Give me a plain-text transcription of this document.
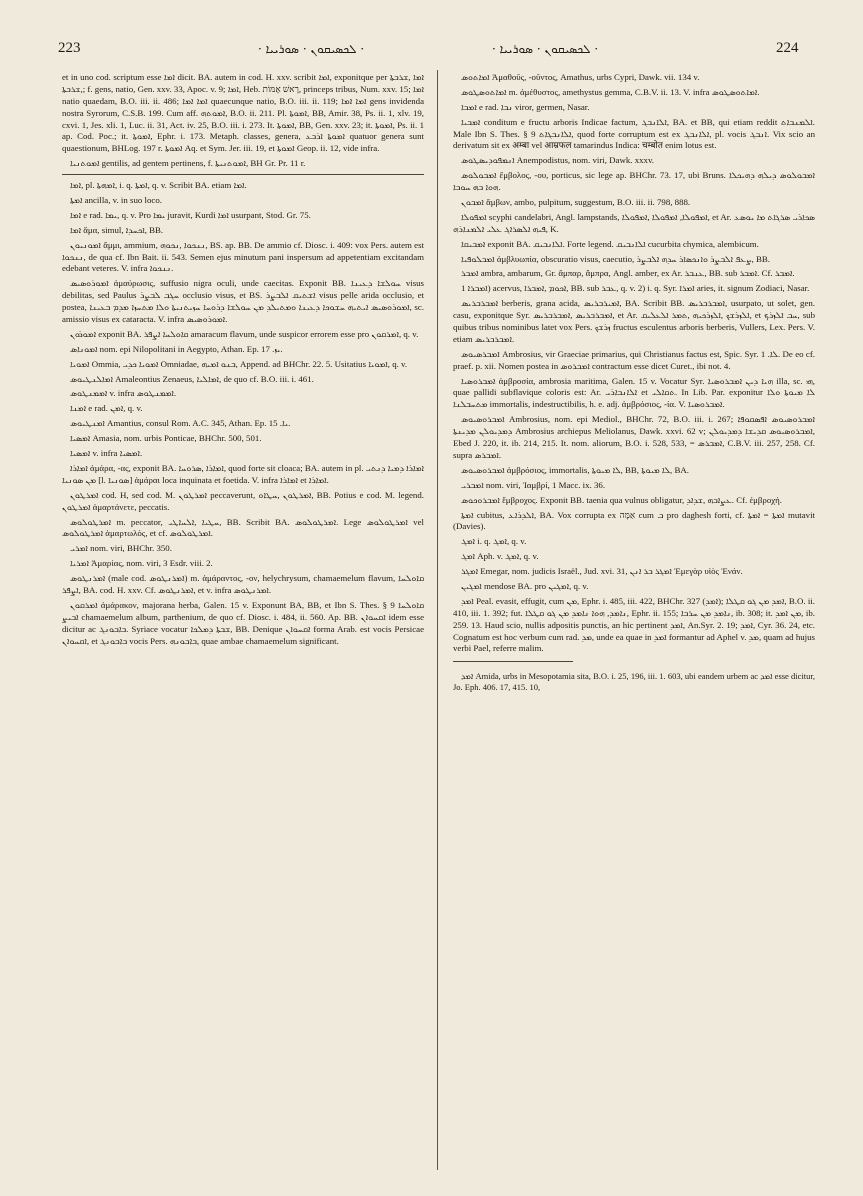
223	· ܠܟܣܝܩܘܢ · ܣܘܪܝܝܐ ·	· ܠܟܣܝܩܘܢ · ܣܘܪܝܝܐ ·	224

et in uno cod. scriptum esse ܐܡܐ dicit. BA. autem in cod. H. xxv. scribit ܐܡܐ, exponitque per ܐܡܐ ,ܫܪܒܬܐ ,ܫܪܒܬܐ; f. gens, natio, Gen. xxv. 33, Apoc. v. 9; ܐܡܐ, Heb. רָאשׁ אָמּוֹת, princeps tribus, Num. xxv. 15; ܐܡܐ natio quaedam, B.O. iii. ii. 486; ܐܡܐ ܐܡܐ quaecunque natio, B.O. iii. ii. 119; ܐܡܐ ܐܡܐ gens invidenda nostra Syrorum, C.S.B. 199. Cum aff. ܐܡܘܬܗ, B.O. ii. 211. Pl. ܐܡܘܬܐ, BB, Amir. 38, Ps. ii. 1, xlv. 19, cxvi. 1, Jes. xli. 1, Luc. ii. 31, Act. iv. 25, B.O. iii. i. 273. It. ܐܡܘܬܐ, BB, Gen. xxv. 23; it. ܐܡܘܬܐ, Ps. ii. 1 ap. Cod. Poc.; it. ܐܡܘܬܐ, Ephr. i. 173. Metaph. classes, genera, ܐܡܘܬܐ ܐܪܒܥ quatuor genera sunt quaestionum, BHLog. 197 r. ܐܡܘܬܐ Aq. et Sym. Jer. iii. 19, et ܐܡܘܬܐ Geop. ii. 12, vide infra.

ܐܡܘܬܢܝܐ gentilis, ad gentem pertinens, f. ܐܡܘܬܢܝܬܐ, BH Gr. Pr. 11 r.

ܐܡܐ, pl. ܐܡܗܬܐ, i. q. ܐܡܬܐ, q. v. Scribit BA. etiam ܐܡܐ.

ܐܡܬܐ ancilla, v. in suo loco.

ܐܡܐ e rad. ܝܡܐ, q. v. Pro ܝܡܐ juravit, Kurdi ܐܡܐ usurpant, Stod. Gr. 75.

ܐܡܐ ἅμα, simul, ܐܟܚܕܐ, BB.

ܐܡܘܢܝܘܢ ἄμμι, ammium, ܢܢܟܘܐ ,ܢܟܘܗ, BS. ap. BB. De ammio cf. Diosc. i. 409: vox Pers. autem est ܢܢܟܘܐ, de qua cf. Ibn Bait. ii. 543. Semen ejus minutum pani inspersum ad appetentiam excitandam edebant veteres. V. infra ܢܢܟܘܐ.

ܐܡܘܪܘܣܝܣ ἀμαύρωσις, suffusio nigra oculi, unde caecitas. Exponit BB. ܚܘܠܫܐ ܕܥܝܢܐ visus debilitas, sed Paulus ܚܓܒ ܠܒܨܪ occlusio visus, et BS. ܐܫܬܝܩ ܐܠܒܨܪ visus pelle arida occlusio, et postea, ܐܡܘܪܘܣܝܣ ܐܝܬܝܗ ܚܫܘܟܐ ܕܥܝܢܐ ܘܡܬܝܠܕ ܡܢ ܚܘܠܫܐ ܕܪܘܚܐ ܚܙܝܬܢܝܬܐ ܘܠܐ ܡܬܚܙܐ ܡܕܡ ܒܥܝܢܐ, sc. amissio visus ex cataracta. V. infra ܐܡܘܪܘܣܝܣ.

ܐܡܘܪܘܢ exponit BA. ܩܐܘܠܚܐ ܐܨܦܪ amaracum flavum, unde suspicor errorem esse pro ܐܡܪܩܘܢ, q. v.

ܐܡܘܢܐܣ nom. epi Nilopolitani in Aegypto, Athan. Ep. ܝܙ. 17.

ܐܡܘܝܐ Ommia, ܐܡܘܝܐ ܟܕܝ Omniadae, ܒܢܘ ܐܡܝܗ, Append. ad BHChr. 22. 5. Usitatius ܐܡܘܝܐ, q. v.

ܐܡܐܠܢܛܝܘܣ Amaleontius Zenaeus, ܐܡܐܠܝܐ, de quo cf. B.O. iii. i. 461.

ܐܡܡܢܛܘܣ v. infra ܐܡܡܢܛܘܣ.

ܐܡܢܐ e rad. ܐܡܢ, q. v.

ܐܡܢܛܝܘܣ Amantius, consul Rom. A.C. 345, Athan. Ep. ܝܐ. 15.

ܐܡܣܝܐ Amasia, nom. urbis Ponticae, BHChr. 500, 501.

ܐܡܣܝܐ v. infra ܐܡܣܝܐ.

ܐܡܐܪܐ ἀμάρα, -ας, exponit BA. ܐܡܐܪܐ ,ܣܪܘܚܐ, quod forte sit cloaca; BA. autem in pl. ܐܡܐܪܐ ܕܡܝܐ ܕܢܬܝ ܡܢ ܣܘܢܝܐ [l. ܣܘܢܝܐ] ἀμάραι loca inquinata et foetida. V. infra ܐܡܐܪܐ et ܐܡܐܪܐ.

ܐܡܪܛܘܢ cod. H, sed cod. M. ܐܡܪܛܘܢ peccaverunt, ܐܡܪܛܘܢ ,ܚܛܐܘ, BB. Potius e cod. M. legend. ܐܡܪܛܘܢ ἁμαρτάνετε, peccatis.

ܐܡܪܛܘܠܘܣ m. peccator, ܚܛܝܐ ,ܐܠܚܐܛܝ, BB. Scribit BA. ܐܡܪܛܘܠܘܣ. Lege ܐܡܪܛܘܠܘܣ vel ܐܡܪܛܘܠܘܣ ἁμαρτωλός, et cf. ܐܡܪܛܘܠܘܣ.

ܐܡܪܝ nom. viri, BHChr. 350.

ܐܡܪܝܐ Ἀμαρίας, nom. viri, 3 Esdr. viii. 2.

ܐܡܪܢܛܘܣ (male cod. ܐܡܪܢܛܘܣ) m. ἀμάραντος, -ον, helychrysum, chamaemelum flavum, ܩܐܘܠܚܐ ܐܨܦܪ, BA. cod. H. xxv. Cf. ܐܡܪܢܛܘܣ, et v. infra ܐܡܪܢܛܘܣ.

ܐܡܪܩܘܢ ἀμάρακον, majorana herba, Galen. 15 v. Exponunt BA, BB, et Ibn S. Thes. § 9 ܩܐܘܠܚܐ ܐܒܝܨ chamaemelum album, parthenium, de quo cf. Diosc. i. 484, ii. 560. Ap. BB. ܐܩܚܘܐܢ idem esse dicitur ac ܒܐܒܘܢܓ. Syriace vocatur ܫܒܬܐ ܕܡܠܟܐ, BB. Denique ܐܩܚܘܐܢ forma Arab. est vocis Persicae ܐܩܚܘܐܢ, et ܒܐܒܘܢܓ vocis Pers. ܒܐܒܘܢܗ, quae ambae chamaemelum significant.

ܐܡܐܬܘܣ Ἀμαθοῦς, -οῦντος, Amathus, urbs Cypri, Dawk. vii. 134 v.

ܐܡܐܬܘܣܛܘܣ m. ἀμέθυστος, amethystus gemma, C.B.V. ii. 13. V. infra ܐܡܐܬܘܣܛܘܣ.

ܐܡܒܐ e rad. ܢܒܐ viror, germen, Nasar.

ܐܡܒܝܐ conditum e fructu arboris Indicae factum, ܐܠܐܢܒܓ, BA. et BB, qui etiam reddit ܐܠܡܢܒܐܬ. Male Ibn S. Thes. § 9 ܐܠܐܢܒܓܐܬ, quod forte corruptum est ex ܐܠܐܢܒܓ, pl. vocis ܐܢܒܓ. Vix scio an derivatum sit ex अम्बा vel आम्रफल tamarindus Indica: चम्बोत enim lotus est.

ܐܢܡܦܘܕܝܣܛܘܣ Anempodistus, nom. viri, Dawk. xxxv.

ܐܡܒܘܠܘܣ ἔμβολος, -ου, porticus, sic lege ap. BHChr. 73. 17, ubi Bruns. ܐܡܒܘܠܘܣ ܕܝܠܗ ܕܗܝܟܠܐ ܗܘܐ ܒܗ ܚܘܒܐ.

ܐܡܒܘܢ ἄμβων, ambo, pulpitum, suggestum, B.O. iii. ii. 798, 888.

ܐܡܦܘܠܐ scyphi candelabri, Angl. lampstands, ܐܡܦܘܠܐ, ܐܡܦܘܠܐ ,ܐܡܦܘܠܐ, et Ar. ܣܟܐܪܝ ܣܪܓܐܬ ܡܐ ܝܘܣܥ ܦܝܗ ܐܠܣܪܐܓ ܥܠܝ ܐܠܡܢܐܪܗ, K.

ܐܡܒܝܩܐ exponit BA. ܐܠܐܢܒܝܩ. Forte legend. ܐܠܐܢܒܝܩ cucurbita chymica, alembicum.

ܐܡܒܠܘܦܝܐ ἀμβλυωπία, obscuratio visus, caecutio, ܨܥܦ ܐܠܒܨܪ ܘܐܢܟܣܐܪ ܚܕܗ ܐܠܒܨܪ, BB.

ܐܡܒܪ ambra, ambarum, Gr. ἄμπαρ, ἄμπρα, Angl. amber, ex Ar. ܥܢܒܪ, BB. sub ܐܡܒܪ. Cf. ܐܡܒܪ.

ܐܡܒܪܐ 1) acervus, ܐܟܘܡ ,ܐܡܒܪܐ, BB. sub ܥܒܪ, q. v. 2) i. q. Syr. ܐܡܪܐ aries, it. signum Zodiaci, Nasar.

ܐܡܒܪܒܪܝܣ berberis, grana acida, ܐܡܝܪܒܪܝܣ, BA. Scribit BB. ܐܡܒܪܒܪܝܣ, usurpato, ut solet, gen. casu, exponitque Syr. ܐܡܒܪܒܪܝܣ ,ܐܡܒܪܒܪܝܣ, et Ar. ܐܠܙܪܫܟ ,ܐܠܙܪܟܝܗ ,ܬܡܪ ܐܠܥܠܝܩ, et ܚܒ ܐܠܙܪܟ, sub quibus tribus nominibus latet vox Pers. ܙܪܫܟ fructus esculentus arboris berberis, Vullers, Lex. Pers. V. etiam ܐܡܒܪܒܪܝܣ.

ܐܡܒܪܣܝܘܣ Ambrosius, vir Graeciae primarius, qui Christianus factus est, Spic. Syr. ܠܐ. 1. De eo cf. praef. p. xii. Nomen postea in ܐܡܒܪܘܣ contractum esse dicet Curet., ibi not. 4.

ܐܡܒܪܘܣܝܐ ἀμβροσία, ambrosia maritima, Galen. 15 v. Vocatur Syr. ܗܝܐ ܕܝܢ ܐܡܒܪܘܣܝܐ illa, sc. ܗܝ, quae pallidi subflavique coloris est: Ar. ܐܠܐܢܒܐܪܝ et ܬܩܐܠܝ. In Lib. Par. exponitur ܠܐ ܡܝܘܬܐ ܘܠܐ ܡܬܚܒܠܢܐ immortalis, indestructibilis, h. e. adj. ἀμβρόσιος, -ία. V. ܐܡܒܪܘܣܝܐ.

ܐܡܒܪܘܣܝܘܣ Ambrosius, nom. epi Mediol., BHChr. 72, B.O. iii. i. 267; ܐܡܒܪܘܣܝܘܣ ܐܦܣܩܘܦܐ ܕܡܕܝܘܠܢ ܡܕܝܢܬܐ Ambrosius archiepus Meliolanus, Dawk. xxvi. 62 v; ܐܡܒܪܘܣܝܘܣ ܩܕܝܫܐ ܕܡܕܝܘܠܢ, Ebed J. 220, it. ib. 214, 215. It. nom. aliorum, B.O. i. 528, 533, = ܐܡܒܪܣ, C.B.V. iii. 257, 258. Cf. supra ܐܡܒܪܣ.

ܐܡܒܪܘܣܝܘܣ ἀμβρόσιος, immortalis, ܠܐ ܡܝܘܬܐ, BB, ܠܐ ܡܝܘܬܐ, BA.

ܐܡܒܪܝ nom. viri, Ἰαμβρί, 1 Macc. ix. 36.

ܐܡܒܪܘܟܘܣ ἔμβροχος. Exponit BB. taenia qua vulnus obligatur, ܥܨܐܒܗ ,ܫܕܐܕ. Cf. ἐμβροχή.

ܐܡܬܐ cubitus, ܐܠܕܪܐܥ, BA. Vox corrupta ex אַמָּה cum ܒ pro daghesh forti, cf. ܐܡܬܐ = ܐܡܬܐ mutavit (Davies).

ܐܡܓ i. q. ܐܡܓ, q. v.

ܐܡܓ Aph. v. ܐܡܓ, q. v.

ܐܡܓܪ Emegar, nom. judicis Israël., Jud. xvi. 31, ܐܡܓܪ ܒܪ ܐܢܢ Ἐμεγὰρ υἱὸς Ἐνάν.

ܐܡܓܝܢ mendose BA. pro ܐܡܓܝܢ, q. v.

ܐܡܕ Peal. evasit, effugit, cum ܡܢ, Ephr. i. 485, iii. 422, BHChr. 327 (ܐܡܕ); ܐܡܕ ܡܢ ܓܘ ܩܛܠܐ, B.O. ii. 410, iii. 1. 392; fut. ܢܐܡܕ, ܗܘܐ ܢܐܡܕ ܡܢ ܓܘ ܩܛܠܐ, Ephr. ii. 155; ܢܐܡܕ ܡܢ ܚܪܒܐ, ib. 308; it. ܡܢ ܐܡܕ, ib. 259. 13. Haud scio, nullis adpositis punctis, an hic pertinent ܐܡܕ, An.Syr. 2. 19; ܐܡܕ, Cyr. 36. 24, etc. Cognatum est hoc verbum cum rad. ܡܕ, unde ea quae in ܐܡܕ formantur ad Aphel v. ܡܕ, quam ad hujus verbi Pael, referre malim.

ܐܡܕ Amida, urbs in Mesopotamia sita, B.O. i. 25, 196, iii. 1. 603, ubi eandem urbem ac ܐܡܕ esse dicitur, Jo. Eph. 406. 17, 415. 10,
